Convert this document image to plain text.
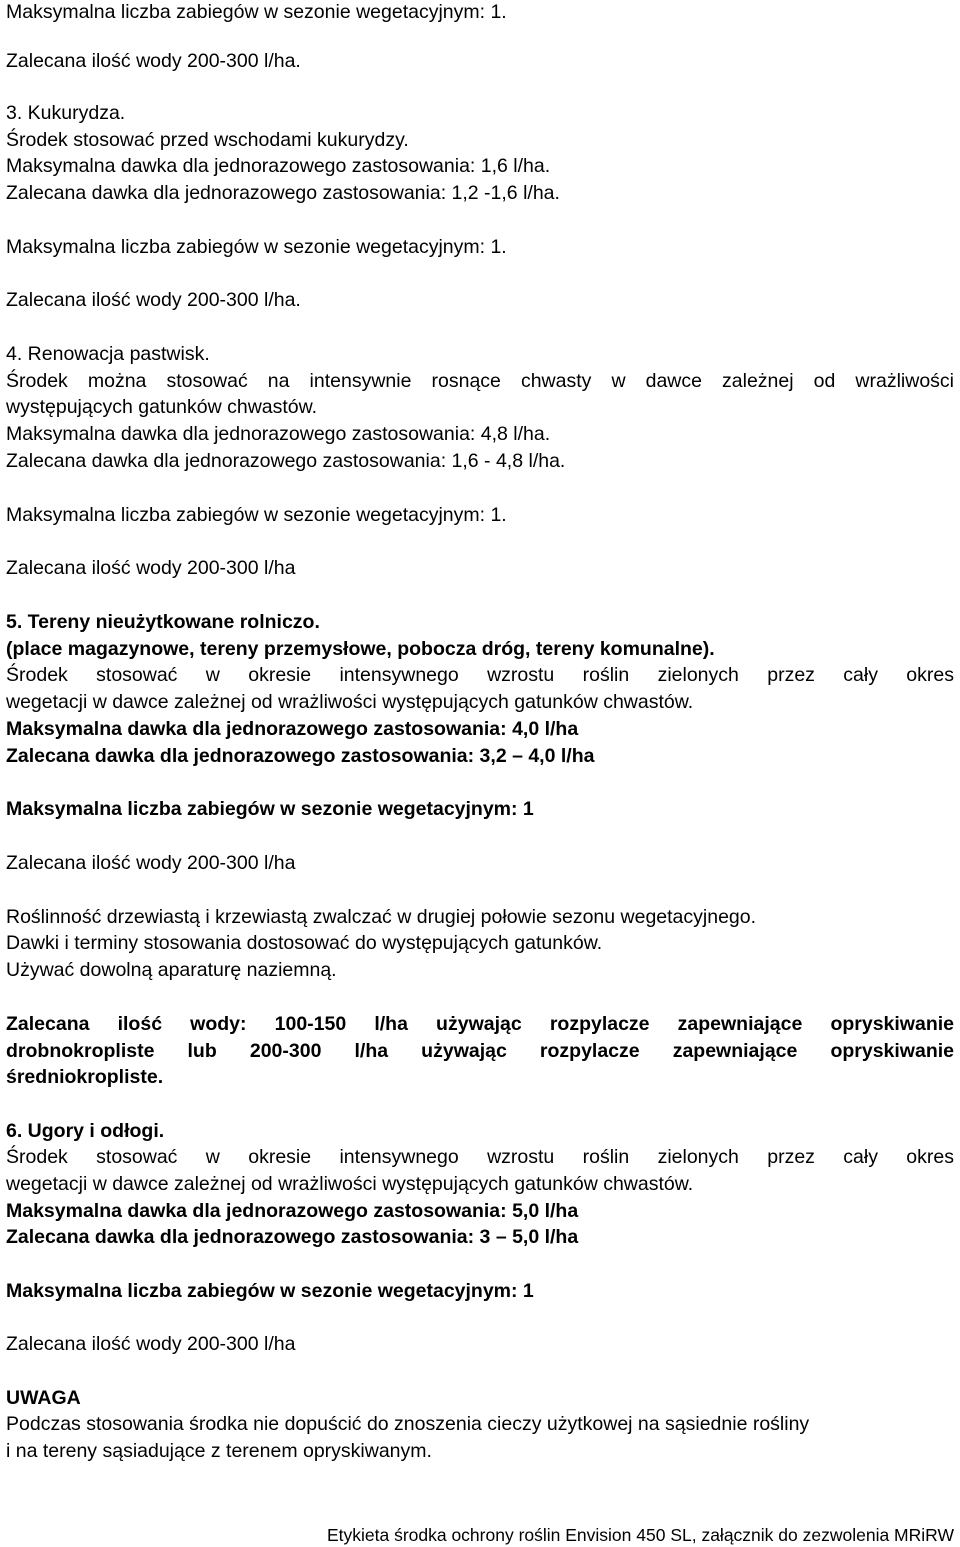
Maksymalna liczba zabiegów w sezonie wegetacyjnym: 1.
Zalecana ilość wody 200-300 l/ha.
3. Kukurydza.
Środek stosować przed wschodami kukurydzy.
Maksymalna dawka dla jednorazowego zastosowania: 1,6 l/ha.
Zalecana dawka dla jednorazowego zastosowania: 1,2 -1,6 l/ha.
Maksymalna liczba zabiegów w sezonie wegetacyjnym: 1.
Zalecana ilość wody 200-300 l/ha.
4. Renowacja pastwisk.
Środek można stosować na intensywnie rosnące chwasty w dawce zależnej od wrażliwości
występujących gatunków chwastów.
Maksymalna dawka dla jednorazowego zastosowania: 4,8 l/ha.
Zalecana dawka dla jednorazowego zastosowania: 1,6 - 4,8 l/ha.
Maksymalna liczba zabiegów w sezonie wegetacyjnym: 1.
Zalecana ilość wody 200-300 l/ha
5. Tereny nieużytkowane rolniczo.
(place magazynowe, tereny przemysłowe, pobocza dróg, tereny komunalne).
Środek stosować w okresie intensywnego wzrostu roślin zielonych przez cały okres
wegetacji w dawce zależnej od wrażliwości występujących gatunków chwastów.
Maksymalna dawka dla jednorazowego zastosowania: 4,0 l/ha
Zalecana dawka dla jednorazowego zastosowania: 3,2 – 4,0 l/ha
Maksymalna liczba zabiegów w sezonie wegetacyjnym: 1
Zalecana ilość wody 200-300 l/ha
Roślinność drzewiastą i krzewiastą zwalczać w drugiej połowie sezonu wegetacyjnego.
Dawki i terminy stosowania dostosować do występujących gatunków.
Używać dowolną aparaturę naziemną.
Zalecana ilość wody: 100-150 l/ha używając rozpylacze zapewniające opryskiwanie
drobnokropliste lub 200-300 l/ha używając rozpylacze zapewniające opryskiwanie
średniokropliste.
6. Ugory i odłogi.
Środek stosować w okresie intensywnego wzrostu roślin zielonych przez cały okres
wegetacji w dawce zależnej od wrażliwości występujących gatunków chwastów.
Maksymalna dawka dla jednorazowego zastosowania: 5,0 l/ha
Zalecana dawka dla jednorazowego zastosowania: 3 – 5,0 l/ha
Maksymalna liczba zabiegów w sezonie wegetacyjnym: 1
Zalecana ilość wody 200-300 l/ha
UWAGA
Podczas stosowania środka nie dopuścić do znoszenia cieczy użytkowej na sąsiednie rośliny
i na tereny sąsiadujące z terenem opryskiwanym.
Etykieta środka ochrony roślin Envision 450 SL, załącznik do zezwolenia MRiRW
